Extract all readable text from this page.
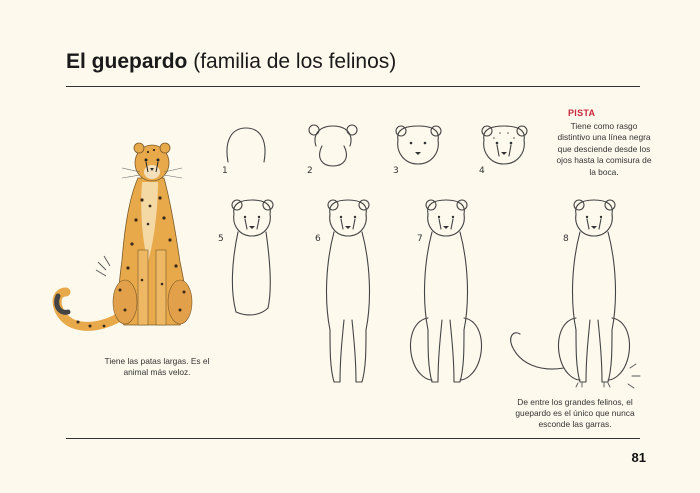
El guepardo (familia de los felinos)
PISTA
Tiene como rasgo distintivo una línea negra que desciende desde los ojos hasta la comisura de la boca.
1	2	3	4
5	6	7	8
Tiene las patas largas. Es el animal más veloz.
De entre los grandes felinos, el guepardo es el único que nunca esconde las garras.
81
